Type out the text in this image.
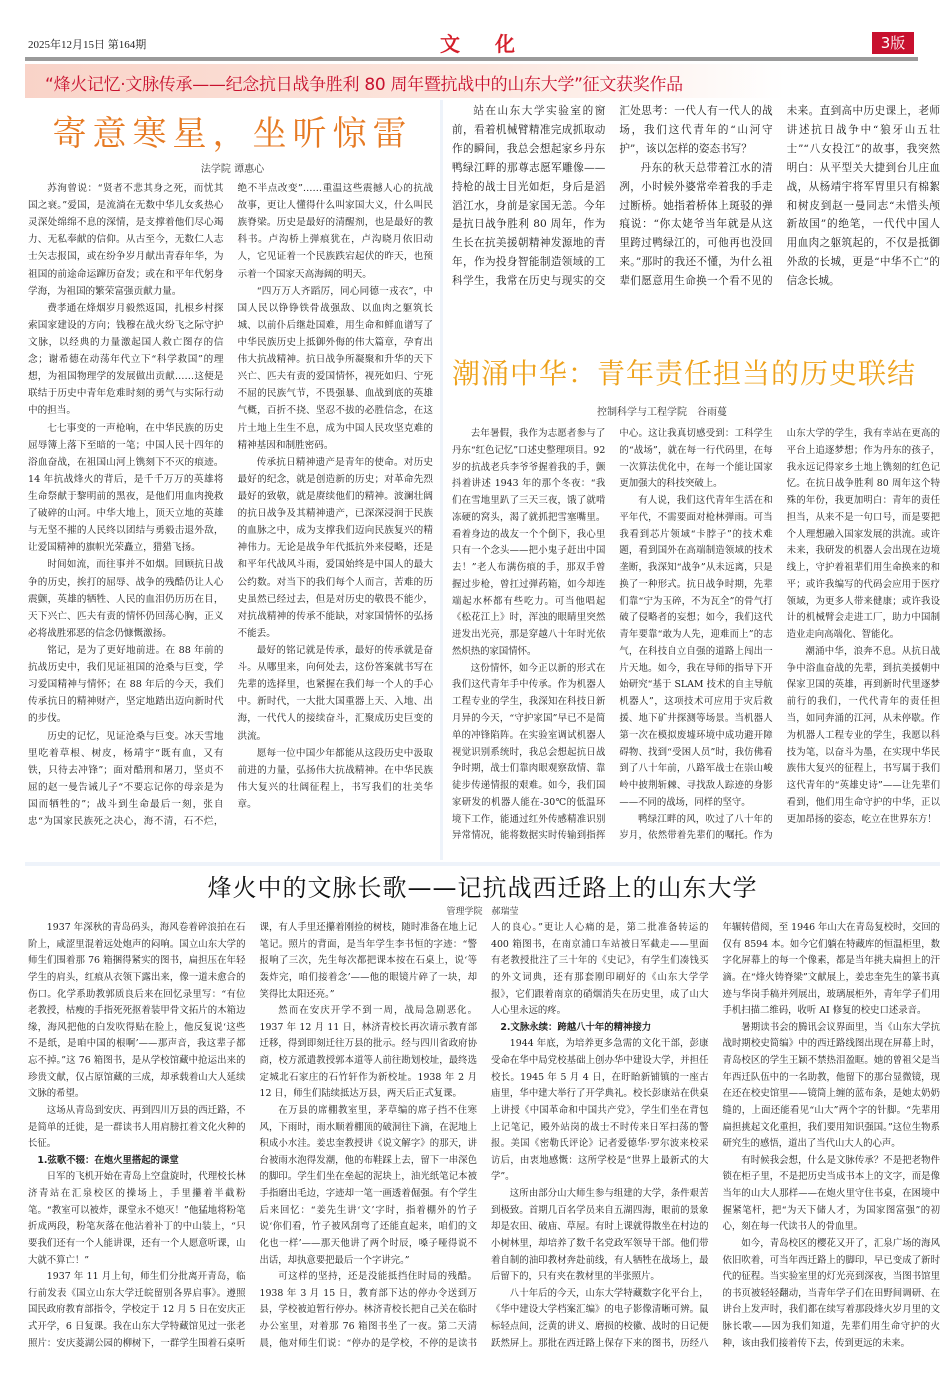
2025年12月15日 第164期	文 化	3版
“烽火记忆·文脉传承——纪念抗日战争胜利 80 周年暨抗战中的山东大学”征文获奖作品
寄意寒星，坐听惊雷
法学院 谭惠心

苏洵曾说：“贤者不悲其身之死，而忧其国之衰。”爱国，是流淌在无数中华儿女炙热心灵深处绵绵不息的深情，是支撑着他们尽心竭力、无私奉献的信仰。从古至今，无数仁人志士矢志报国，或在纷争岁月献出青春年华，为祖国的前途命运蹿历奋发；或在和平年代躬身学海，为祖国的繁荣富强贡献力量。

费孝通在烽烟岁月毅然返国，扎根乡村探索国家建设的方向；钱穆在战火纷飞之际守护文脉，以经典的力量激起国人救亡图存的信念；谢希德在动荡年代立下“科学救国”的理想，为祖国物理学的发展做出贡献……这便是联结于历史中青年危难时刻的勇气与实际行动中的担当。

七七事变的一声枪响，在中华民族的历史屈辱簿上落下至暗的一笔；中国人民十四年的浴血奋战，在祖国山河上镌刻下不灭的痕迹。14 年抗战烽火的背后，是千千万万的英雄将生命祭献于黎明前的黑夜，是他们用血肉挽救了破碎的山河。中华大地上，顶天立地的英雄与无坚不摧的人民终以团结与勇毅击退外敌，让爱国精神的旗帜光荣矗立，猎猎飞扬。

时间如流，而往事并不如烟。回顾抗日战争的历史，挨打的屈辱、战争的残酷仍让人心震颤，英雄的牺牲、人民的血泪仍历历在目，天下兴亡、匹夫有责的情怀仍回荡心胸，正义必将战胜邪恶的信念仍慷慨激扬。

铭记，是为了更好地前进。在 88 年前的抗战历史中，我们见证祖国的沧桑与巨变，学习爱国精神与情怀；在 88 年后的今天，我们传承抗日的精神财产，坚定地踏出迈向新时代的步伐。

历史的记忆，见证沧桑与巨变。冰天雪地里吃着草根、树皮，杨靖宇“既有血，又有铁，只待去冲锋”；面对酷刑和屠刀，坚贞不屈的赵一曼告诫儿子“不要忘记你的母亲是为国而牺牲的”；战斗到生命最后一刻，张自忠“为国家民族死之决心，海不清，石不烂，绝不半点改变”……重温这些震撼人心的抗战故事，更让人懂得什么叫家国大义，什么叫民族脊梁。历史是最好的清醒剂，也是最好的教科书。卢沟桥上弹痕犹在，卢沟晓月依旧动人，它见证着一个民族跌宕起伏的昨天，也预示着一个国家天高海阔的明天。

“四万万人齐蹈厉，同心同德一戎衣”，中国人民以铮铮铁骨战强敌、以血肉之躯筑长城、以前仆后继赴国难，用生命和鲜血谱写了中华民族历史上抵御外侮的伟大篇章，孕育出伟大抗战精神。抗日战争所凝聚和升华的天下兴亡、匹夫有责的爱国情怀，视死如归、宁死不屈的民族气节，不畏强暴、血战到底的英雄气概，百折不挠、坚忍不拔的必胜信念，在这片土地上生生不息，成为中国人民攻坚克难的精神基因和制胜密码。

传承抗日精神遗产是青年的使命。对历史最好的纪念，就是创造新的历史；对革命先烈最好的致敬，就是赓续他们的精神。波澜壮阔的抗日战争及其精神遗产，已深深浸润于民族的血脉之中，成为支撑我们迈向民族复兴的精神伟力。无论是战争年代抵抗外来侵略，还是和平年代战风斗雨，爱国始终是中国人的最大公约数。对当下的我们每个人而言，苦难的历史虽然已经过去，但是对历史的敬畏不能少，对抗战精神的传承不能缺，对家国情怀的弘扬不能丢。

最好的铭记就是传承，最好的传承就是奋斗。从哪里来，向何处去，这份答案就书写在先辈的选择里，也紧握在我们每一个人的手心中。新时代，一大批大国重器上天、入地、出海，一代代人的接续奋斗，汇聚成历史巨变的洪流。

愿每一位中国少年都能从这段历史中汲取前进的力量，弘扬伟大抗战精神。在中华民族伟大复兴的壮阔征程上，书写我们的壮美华章。

站在山东大学实验室的窗前，看着机械臂精准完成抓取动作的瞬间，我总会想起家乡丹东鸭绿江畔的那尊志愿军雕像——持枪的战士目光如炬，身后是滔滔江水，身前是家国无恙。今年是抗日战争胜利 80 周年，作为生长在抗美援朝精神发源地的青年，作为投身智能制造领域的工科学生，我常在历史与现实的交汇处思考：一代人有一代人的战场，我们这代青年的“山河守护”，该以怎样的姿态书写？

丹东的秋天总带着江水的清冽，小时候外婆常牵着我的手走过断桥。她指着桥体上斑驳的弹痕说：“你太姥爷当年就是从这里跨过鸭绿江的，可他再也没回来。”那时的我还不懂，为什么祖辈们愿意用生命换一个看不见的未来。直到高中历史课上，老师讲述抗日战争中“狼牙山五壮士”“八女投江”的故事，我突然明白：从平型关大捷到台儿庄血战，从杨靖宇将军胃里只有棉絮和树皮到赵一曼同志“未惜头颅新故国”的绝笔，一代代中国人用血肉之躯筑起的，不仅是抵御外敌的长城，更是“中华不亡”的信念长城。

潮涌中华：青年责任担当的历史联结
控制科学与工程学院　谷雨蔓

去年暑假，我作为志愿者参与了丹东“红色记忆”口述史整理项目。92 岁的抗战老兵李爷爷握着我的手，颤抖着讲述 1943 年的那个冬夜：“我们在雪地里趴了三天三夜，饿了就啃冻硬的窝头，渴了就抓把雪塞嘴里。看着身边的战友一个个倒下，我心里只有一个念头——把小鬼子赶出中国去！”老人布满伤痕的手，那双手曾握过步枪，曾扛过弹药箱，如今却连端起水杯都有些吃力。可当他唱起《松花江上》时，浑浊的眼睛里突然迸发出光亮，那是穿越八十年时光依然炽热的家国情怀。

这份情怀，如今正以新的形式在我们这代青年手中传承。作为机器人工程专业的学生，我深知在科技日新月异的今天，“守护家国”早已不是简单的冲锋陷阵。在实验室调试机器人视觉识别系统时，我总会想起抗日战争时期，战士们靠肉眼观察敌情、靠徒步传递情报的艰难。如今，我们国家研发的机器人能在-30℃的低温环境下工作，能通过红外传感精准识别异常情况，能将数据实时传输到指挥中心。这让我真切感受到：工科学生的“战场”，就在每一行代码里，在每一次算法优化中，在每一个能让国家更加强大的科技突破上。

有人说，我们这代青年生活在和平年代，不需要面对枪林弹雨。可当我看到芯片领域“卡脖子”的技术难题，看到国外在高端制造领域的技术垄断，我深知“战争”从未远离，只是换了一种形式。抗日战争时期，先辈们靠“宁为玉碎，不为瓦全”的骨气打破了侵略者的妄想；如今，我们这代青年要靠“敢为人先，迎难而上”的志气，在科技自立自强的道路上闯出一片天地。如今，我在导师的指导下开始研究“基于 SLAM 技术的自主导航机器人”，这项技术可应用于灾后救援、地下矿井探测等场景。当机器人第一次在模拟废墟环境中成功避开障碍物、找到“受困人员”时，我仿佛看到了八十年前，八路军战士在崇山峻岭中披荆斩棘、寻找敌人踪迹的身影——不同的战场，同样的坚守。

鸭绿江畔的风，吹过了八十年的岁月，依然带着先辈们的嘱托。作为山东大学的学生，我有幸站在更高的平台上追逐梦想；作为丹东的孩子，我永远记得家乡土地上镌刻的红色记忆。在抗日战争胜利 80 周年这个特殊的年份，我更加明白：青年的责任担当，从来不是一句口号，而是要把个人理想融入国家发展的洪流。或许未来，我研发的机器人会出现在边境线上，守护着祖辈们用生命换来的和平；或许我编写的代码会应用于医疗领域，为更多人带来健康；或许我设计的机械臂会走进工厂，助力中国制造业走向高端化、智能化。

潮涌中华，浪奔不息。从抗日战争中浴血奋战的先辈，到抗美援朝中保家卫国的英雄，再到新时代里逐梦前行的我们，一代代青年的责任担当，如同奔涌的江河，从未停歇。作为机器人工程专业的学生，我愿以科技为笔，以奋斗为墨，在实现中华民族伟大复兴的征程上，书写属于我们这代青年的“英雄史诗”——让先辈们看到，他们用生命守护的中华，正以更加昂扬的姿态，屹立在世界东方！

烽火中的文脉长歌——记抗战西迁路上的山东大学
管理学院　郝瑞莹

1937 年深秋的青岛码头，海风卷着碎浪拍在石阶上，咸涩里混着远处炮声的闷响。国立山东大学的师生们围着那 76 箱捆得紧实的图书，扁担压在年轻学生的肩头，红痕从衣领下露出来，像一道未愈合的伤口。化学系助教郭质良后来在回忆录里写：“有位老教授，枯瘦的手指死死抠着装甲骨文拓片的木箱边缘，海风把他的白发吹得贴在脸上，他反复说‘这些不是纸，是咱中国的根啊’——那声音，我这辈子都忘不掉。”这 76 箱图书，是从学校馆藏中抢运出来的珍贵文献，仅占原馆藏的三成，却承载着山大人延续文脉的希望。

这场从青岛到安庆、再到四川万县的西迁路，不是简单的迁徙，是一群读书人用肩膀扛着文化火种的长征。

1.弦歌不辍：在炮火里搭起的课堂

日军的飞机开始在青岛上空盘旋时，代理校长林济青站在汇泉校区的操场上，手里攥着半截粉笔。“教室可以被炸，课堂永不熄灭！”他猛地将粉笔折成两段，粉笔灰落在他沾着补丁的中山装上，“只要我们还有一个人能讲课，还有一个人愿意听课，山大就不算亡！”

1937 年 11 月上旬，师生们分批离开青岛，临行前发表《国立山东大学迁皖留别各界启事》。遵照国民政府教育部指令，学校定于 12 月 5 日在安庆正式开学，6 日复课。我在山东大学特藏馆见过一张老照片：安庆菱湖公园的柳树下，一群学生围着石桌听课，有人手里还攥着刚捡的树枝，随时准备在地上记笔记。照片的背面，是当年学生李书恒的字迹：“警报响了三次，先生每次都把课本按在石桌上，说‘等轰炸完，咱们接着念’——他的眼镜片碎了一块，却笑得比太阳还亮。”

然而在安庆开学不到一周，战局急剧恶化。1937 年 12 月 11 日，林济青校长再次请示教育部迁移，得到即刻迁往万县的批示。经与四川省政府协商，校方派遣教授郭本道等人前往勘划校址，最终选定城北石家庄的石竹轩作为新校址。1938 年 2 月 12 日，师生们陆续抵达万县，两天后正式复课。

在万县的席棚教室里，茅草编的席子挡不住寒风，下雨时，雨水顺着棚顶的破洞往下滴，在泥地上积成小水洼。姜忠奎教授讲《说文解字》的那天，讲台被雨水泡得发潮，他的布鞋踩上去，留下一串深色的脚印。学生们坐在垒起的泥块上，油光纸笔记本被手指磨出毛边，字迹却一笔一画透着倔强。有个学生后来回忆：“姜先生讲‘文’字时，指着棚外的竹子说‘你们看，竹子被风刮弯了还能直起来，咱们的文化也一样’——那天他讲了两个时辰，嗓子哑得说不出话，却执意要把最后一个字讲完。”

可这样的坚持，还是没能抵挡住时局的残酷。1938 年 3 月 15 日，教育部下达的停办令送到万县，学校被迫暂行停办。林济青校长把自己关在临时办公室里，对着那 76 箱图书坐了一夜。第二天清晨，他对师生们说：“停办的是学校，不停的是读书人的良心。”更让人心痛的是，第二批准备转运的 400 箱图书，在南京浦口车站被日军截走——里面有老教授批注了三十年的《史记》，有学生们凑钱买的外文词典，还有那套刚印刷好的《山东大学学报》，它们跟着南京的硝烟消失在历史里，成了山大人心里永远的疼。

2.文脉永续：跨越八十年的精神接力

1944 年底，为培养更多急需的文化干部，彭康受命在华中局党校基础上创办华中建设大学，并担任校长。1945 年 5 月 4 日，在盱眙新铺镇的一座古庙里，华中建大举行了开学典礼。校长彭康站在供桌上讲授《中国革命和中国共产党》，学生们坐在背包上记笔记，殿外站岗的战士不时传来日军扫荡的警报。美国《密勒氏评论》记者爱德华·罗尔波来校采访后，由衷地感慨：这所学校是“世界上最新式的大学”。

这所由部分山大师生参与组建的大学，条件艰苦到极致。首期几百名学员来自五湖四海，眼前的景象却是农田、破庙、草屋。有时上课就得散坐在村边的小树林里，却培养了数千名党政军领导干部。他们带着自制的油印教材奔赴前线，有人牺牲在战场上，最后留下的，只有夹在教材里的半张照片。

八十年后的今天，山东大学特藏数字化平台上，《华中建设大学档案汇编》的电子影像清晰可辨。鼠标轻点间，泛黄的讲义、磨损的校徽、战时的日记便跃然屏上。那批在西迁路上保存下来的图书，历经八年辗转借阅，至 1946 年山大在青岛复校时，交回的仅有 8594 本。如今它们躺在特藏库的恒温柜里，数字化屏幕上的每一个像素，都是当年挑夫扁担上的汗滴。在“烽火铸脊梁”文献展上，姜忠奎先生的篆书真迹与华岗手稿并列展出，玻璃展柜外，青年学子们用手机扫描二维码，收听 AI 修复的校史口述录音。

暑期读书会的腾讯会议界面里，当《山东大学抗战时期校史简编》中的西迁路线图出现在屏幕上时，青岛校区的学生王颖不禁热泪盈眶。她的曾祖父是当年西迁队伍中的一名助教，他留下的那台显微镜，现在还在校史馆里——镜筒上缠的蓝布条，是她太奶奶缝的，上面还能看见“山大”两个字的针脚。“先辈用扁担挑起文化重担，我们要用知识强国。”这位生物系研究生的感悟，道出了当代山大人的心声。

有时候我会想，什么是文脉传承？不是把老物件锁在柜子里，不是把历史当成书本上的文字，而是像当年的山大人那样——在炮火里守住书桌，在困境中握紧笔杆，把“为天下储人才，为国家图富强”的初心，刻在每一代读书人的骨血里。

如今，青岛校区的樱花又开了，汇泉广场的海风依旧吹着，可当年西迁路上的脚印，早已变成了新时代的征程。当实验室里的灯光亮到深夜，当图书馆里的书页被轻轻翻动，当青年学子们在田野间调研、在讲台上发声时，我们都在续写着那段烽火岁月里的文脉长歌——因为我们知道，先辈们用生命守护的火种，该由我们接着传下去，传到更远的未来。
